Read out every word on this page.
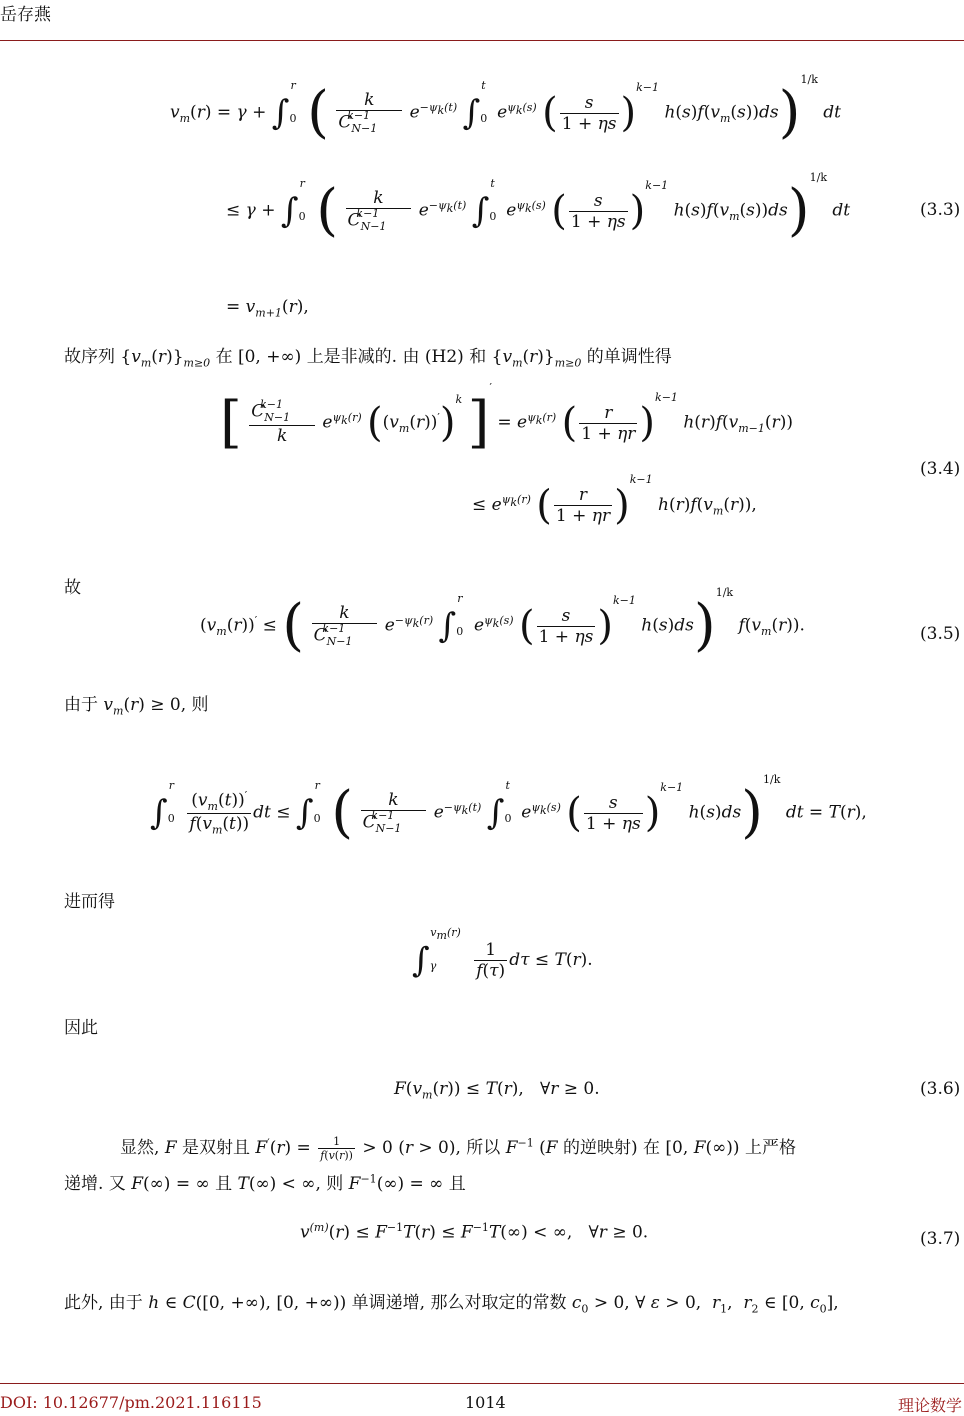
岳存燕
$v_m(r) = \gamma + \int_0^r$ ( $\frac{k}{C_{N-1}^{k-1}} e^{-\psi_k(t)}$ $\int_0^t$ $e^{\psi_k(s)}$ ( $\frac{s}{1 + \eta s} )^{k-1}$ $h(s)f(v_m(s))ds)^{1/k}$ dt
≤ $\gamma + \int_0^r$ ( $\frac{k}{C_{N-1}^{k-1}} e^{-\psi_k(t)}$ $\int_0^t$ $e^{\psi_k(s)}$ ( $\frac{s}{1 + \eta s} )^{k-1}$ $h(s)f(v_m(s))ds)^{1/k}$ dt	(3.3)
= $v_{m+1}(r)$,
故序列 $\{v_m(r)\}_{m\ge 0}$ 在 [0, +∞) 上是非减的. 由 (H2) 和 $\{v_m(r)\}_{m\ge 0}$ 的单调性得
[ $\frac{C_{N-1}^{k-1}}{k} e^{\psi_k(r)}$ $((v_m(r))')^k$ ]$' = e^{\psi_k(r)}$ ( $\frac{r}{1 + \eta r} )^{k-1}$ $h(r)f(v_{m-1}(r))$
(3.4)
≤ $e^{\psi_k(r)}$ ( $\frac{r}{1 + \eta r} )^{k-1}$ $h(r)f(v_m(r))$,
故
$(v_m(r))'$ ≤ ( $\frac{k}{C_{N-1}^{k-1}} e^{-\psi_k(r)}$ $\int_0^r$ $e^{\psi_k(s)}$ ( $\frac{s}{1 + \eta s} )^{k-1}$ h(s)ds)$^{1/k}$ $f(v_m(r))$.	(3.5)
由于 $v_m(r) \ge 0$, 则
$\int_0^r$
$\frac{(v_m(t))'}{f(v_m(t))}$ dt ≤ $\int_0^r$ ( $\frac{k}{C_{N-1}^{k-1}} e^{-\psi_k(t)}$ $\int_0^t$ $e^{\psi_k(s)}$ ( $\frac{s}{1 + \eta s} )^{k-1}$ h(s)ds)$^{1/k}$ dt = T(r),
进而得
$\int_\gamma^{v_m(r)}$
$\frac{1}{f(\tau)}$ dτ ≤ T(r).
因此
$F(v_m(r)) \le T(r)$,   ∀r ≥ 0.	(3.6)
显然, F 是双射且 $F'(r) = \frac{1}{f(v(r))} > 0$ (r > 0), 所以 $F^{-1}$ (F 的逆映射) 在 [0, F(∞)) 上严格
递增. 又 F(∞) = ∞ 且 T(∞) < ∞, 则 $F^{-1}(\infty)$ = ∞ 且
$v^{(m)}(r) \le F^{-1}T(r) \le F^{-1}T(\infty)$ < ∞,   ∀r ≥ 0.	(3.7)
此外, 由于 h ∈ C([0, +∞), [0, +∞)) 单调递增, 那么对取定的常数 $c_0 > 0$, ∀ ε > 0,  $r_1$,  $r_2$ ∈ [0, $c_0$],
DOI: 10.12677/pm.2021.116115	1014	理论数学
